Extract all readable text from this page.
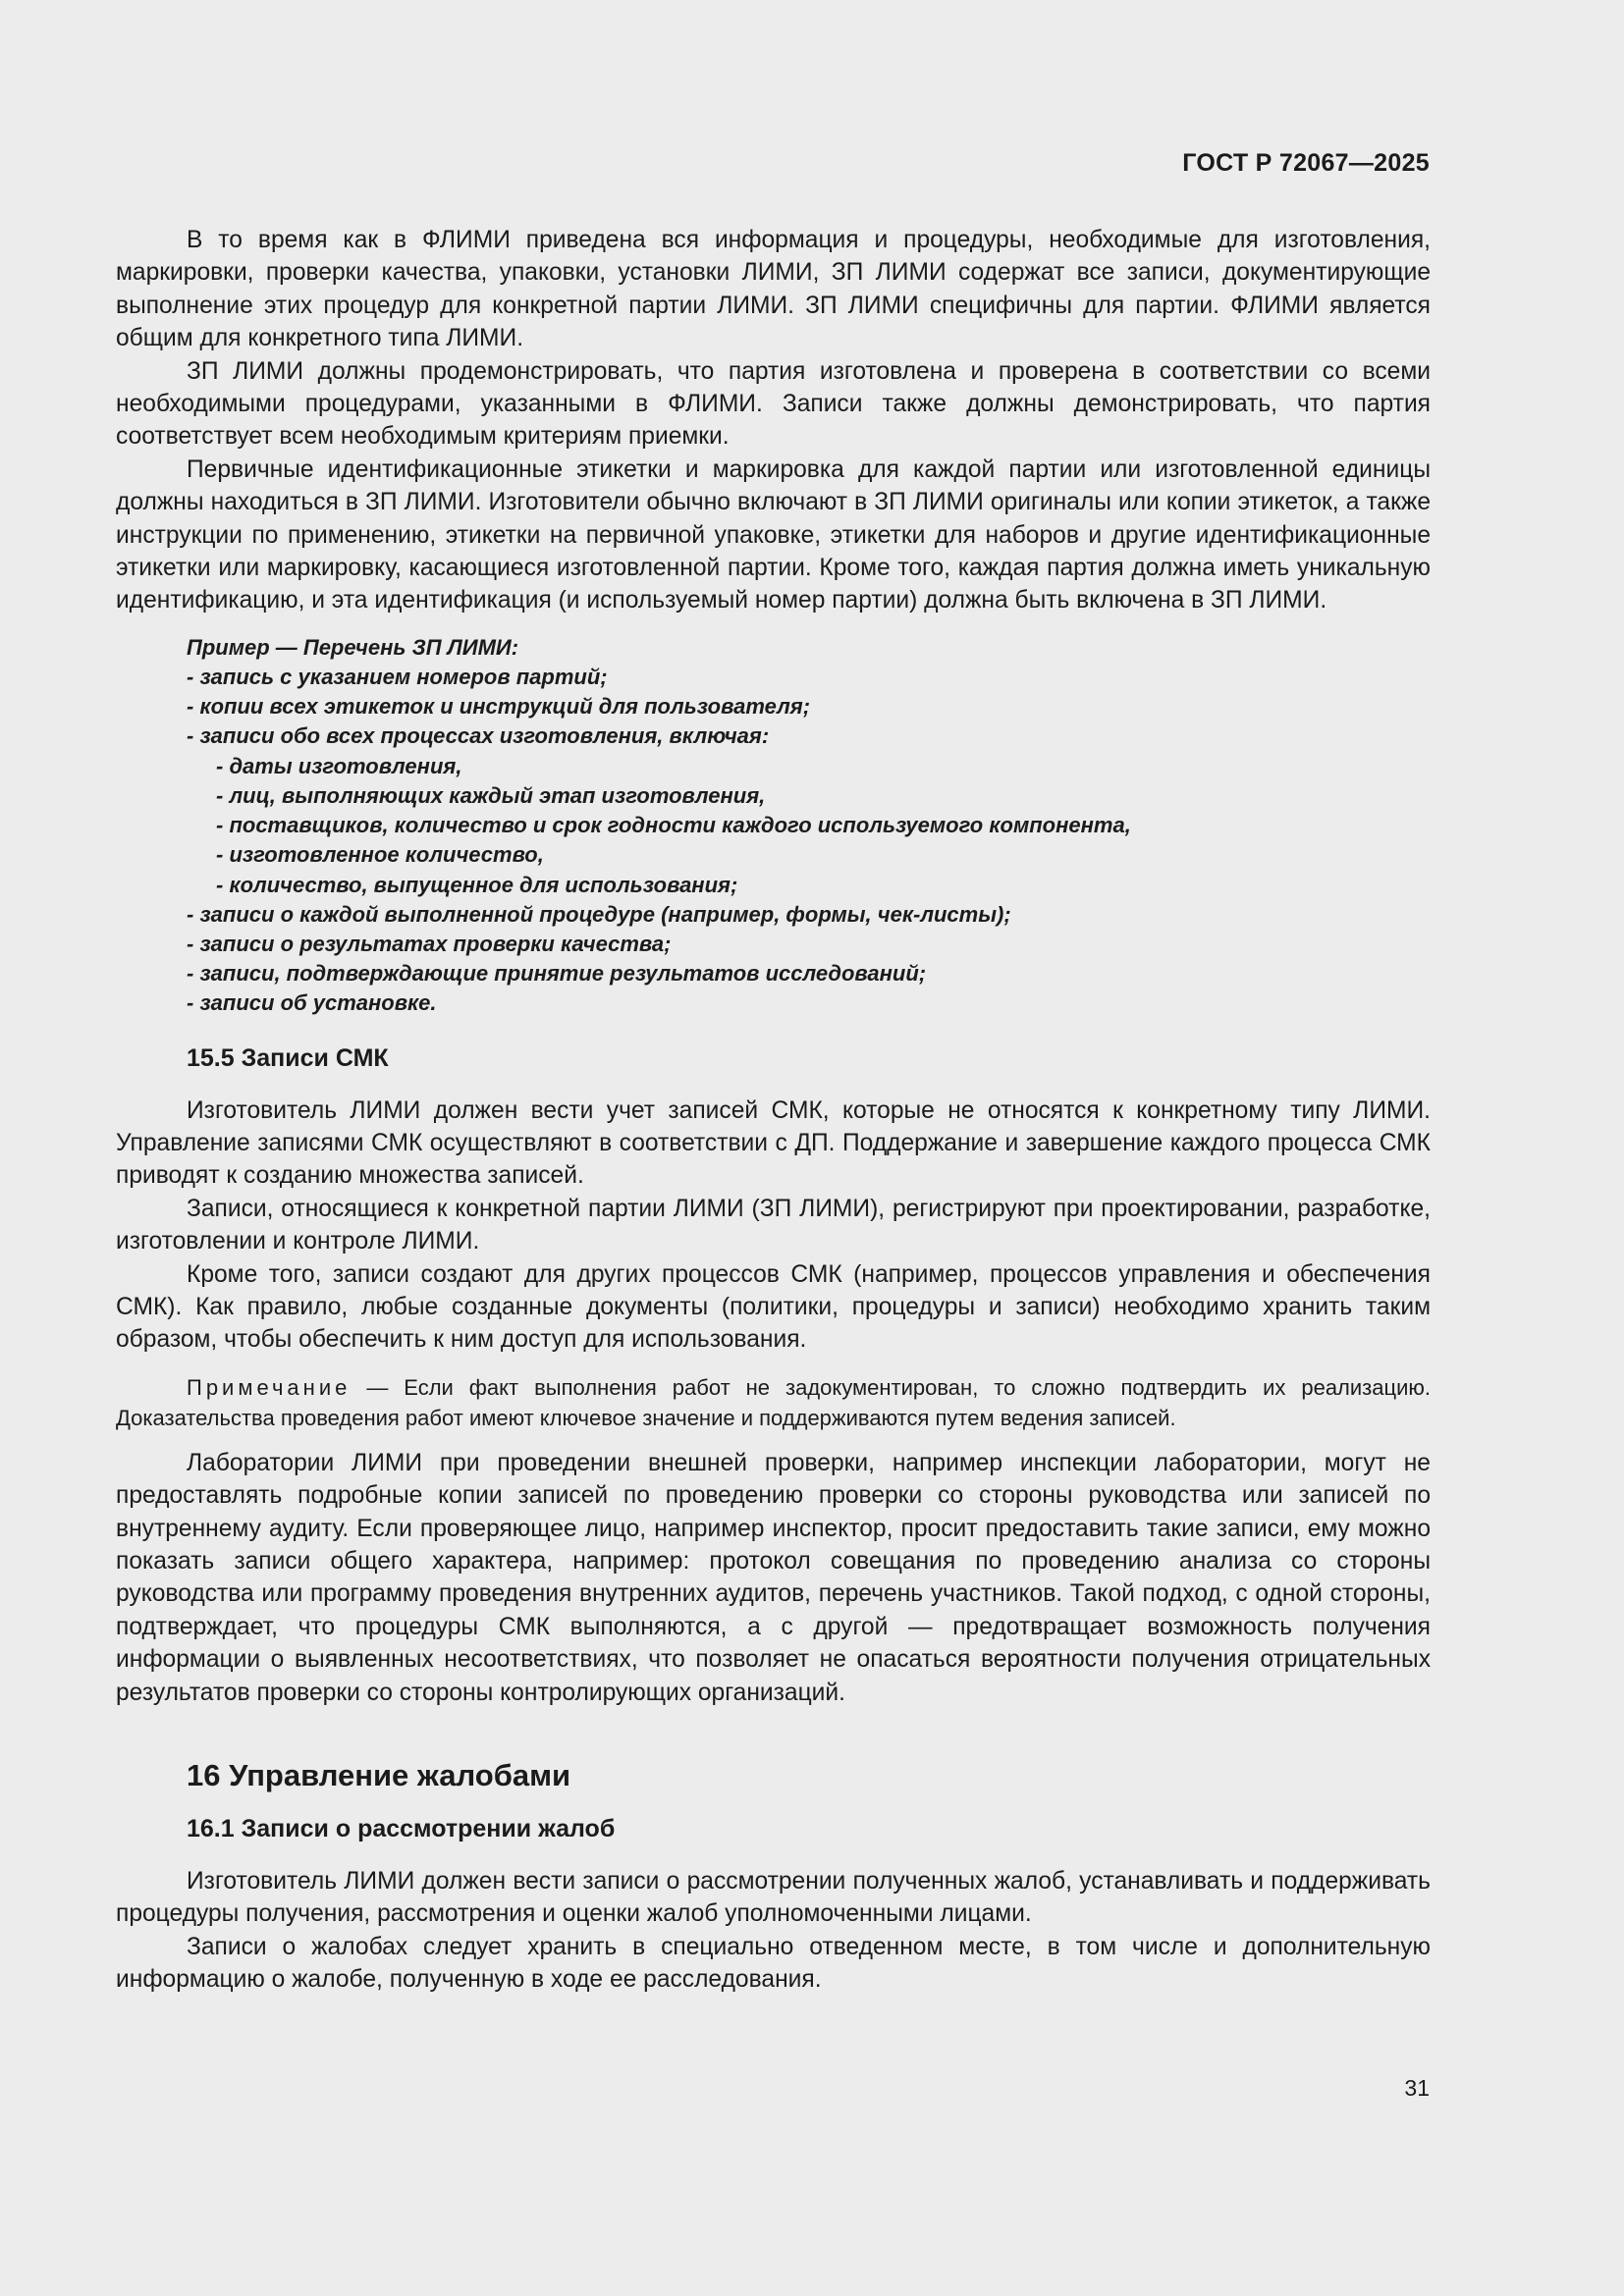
ГОСТ Р 72067—2025

В то время как в ФЛИМИ приведена вся информация и процедуры, необходимые для изготовления, маркировки, проверки качества, упаковки, установки ЛИМИ, ЗП ЛИМИ содержат все записи, документирующие выполнение этих процедур для конкретной партии ЛИМИ. ЗП ЛИМИ специфичны для партии. ФЛИМИ является общим для конкретного типа ЛИМИ.

ЗП ЛИМИ должны продемонстрировать, что партия изготовлена и проверена в соответствии со всеми необходимыми процедурами, указанными в ФЛИМИ. Записи также должны демонстрировать, что партия соответствует всем необходимым критериям приемки.

Первичные идентификационные этикетки и маркировка для каждой партии или изготовленной единицы должны находиться в ЗП ЛИМИ. Изготовители обычно включают в ЗП ЛИМИ оригиналы или копии этикеток, а также инструкции по применению, этикетки на первичной упаковке, этикетки для наборов и другие идентификационные этикетки или маркировку, касающиеся изготовленной партии. Кроме того, каждая партия должна иметь уникальную идентификацию, и эта идентификация (и используемый номер партии) должна быть включена в ЗП ЛИМИ.

Пример — Перечень ЗП ЛИМИ:
- запись с указанием номеров партий;
- копии всех этикеток и инструкций для пользователя;
- записи обо всех процессах изготовления, включая:
- даты изготовления,
- лиц, выполняющих каждый этап изготовления,
- поставщиков, количество и срок годности каждого используемого компонента,
- изготовленное количество,
- количество, выпущенное для использования;
- записи о каждой выполненной процедуре (например, формы, чек-листы);
- записи о результатах проверки качества;
- записи, подтверждающие принятие результатов исследований;
- записи об установке.
15.5 Записи СМК

Изготовитель ЛИМИ должен вести учет записей СМК, которые не относятся к конкретному типу ЛИМИ. Управление записями СМК осуществляют в соответствии с ДП. Поддержание и завершение каждого процесса СМК приводят к созданию множества записей.

Записи, относящиеся к конкретной партии ЛИМИ (ЗП ЛИМИ), регистрируют при проектировании, разработке, изготовлении и контроле ЛИМИ.

Кроме того, записи создают для других процессов СМК (например, процессов управления и обеспечения СМК). Как правило, любые созданные документы (политики, процедуры и записи) необходимо хранить таким образом, чтобы обеспечить к ним доступ для использования.

Примечание — Если факт выполнения работ не задокументирован, то сложно подтвердить их реализацию. Доказательства проведения работ имеют ключевое значение и поддерживаются путем ведения записей.

Лаборатории ЛИМИ при проведении внешней проверки, например инспекции лаборатории, могут не предоставлять подробные копии записей по проведению проверки со стороны руководства или записей по внутреннему аудиту. Если проверяющее лицо, например инспектор, просит предоставить такие записи, ему можно показать записи общего характера, например: протокол совещания по проведению анализа со стороны руководства или программу проведения внутренних аудитов, перечень участников. Такой подход, с одной стороны, подтверждает, что процедуры СМК выполняются, а с другой — предотвращает возможность получения информации о выявленных несоответствиях, что позволяет не опасаться вероятности получения отрицательных результатов проверки со стороны контролирующих организаций.

16 Управление жалобами
16.1 Записи о рассмотрении жалоб

Изготовитель ЛИМИ должен вести записи о рассмотрении полученных жалоб, устанавливать и поддерживать процедуры получения, рассмотрения и оценки жалоб уполномоченными лицами.

Записи о жалобах следует хранить в специально отведенном месте, в том числе и дополнительную информацию о жалобе, полученную в ходе ее расследования.

31
